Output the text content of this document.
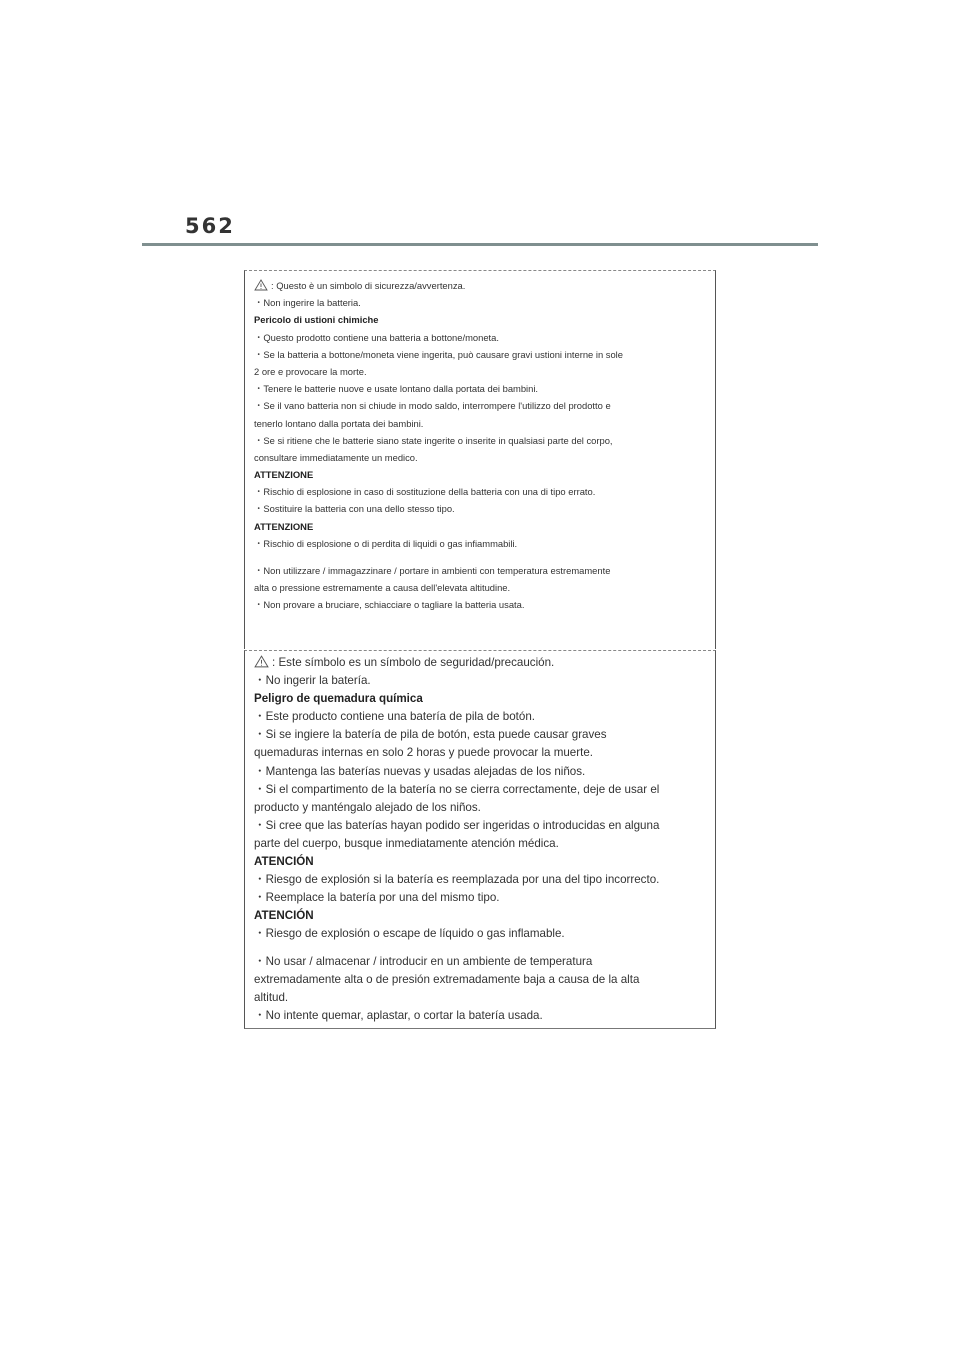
562
: Questo è un simbolo di sicurezza/avvertenza.
・Non ingerire la batteria.
Pericolo di ustioni chimiche
・Questo prodotto contiene una batteria a bottone/moneta.
・Se la batteria a bottone/moneta viene ingerita, può causare gravi ustioni interne in sole
2 ore e provocare la morte.
・Tenere le batterie nuove e usate lontano dalla portata dei bambini.
・Se il vano batteria non si chiude in modo saldo, interrompere l'utilizzo del prodotto e
tenerlo lontano dalla portata dei bambini.
・Se si ritiene che le batterie siano state ingerite o inserite in qualsiasi parte del corpo,
consultare immediatamente un medico.
ATTENZIONE
・Rischio di esplosione in caso di sostituzione della batteria con una di tipo errato.
・Sostituire la batteria con una dello stesso tipo.
ATTENZIONE
・Rischio di esplosione o di perdita di liquidi o gas infiammabili.
・Non utilizzare / immagazzinare / portare in ambienti con temperatura estremamente
alta o pressione estremamente a causa dell'elevata altitudine.
・Non provare a bruciare, schiacciare o tagliare la batteria usata.
: Este símbolo es un símbolo de seguridad/precaución.
・No ingerir la batería.
Peligro de quemadura química
・Este producto contiene una batería de pila de botón.
・Si se ingiere la batería de pila de botón, esta puede causar graves
quemaduras internas en solo 2 horas y puede provocar la muerte.
・Mantenga las baterías nuevas y usadas alejadas de los niños.
・Si el compartimento de la batería no se cierra correctamente, deje de usar el
producto y manténgalo alejado de los niños.
・Si cree que las baterías hayan podido ser ingeridas o introducidas en alguna
parte del cuerpo, busque inmediatamente atención médica.
ATENCIÓN
・Riesgo de explosión si la batería es reemplazada por una del tipo incorrecto.
・Reemplace la batería por una del mismo tipo.
ATENCIÓN
・Riesgo de explosión o escape de líquido o gas inflamable.
・No usar / almacenar / introducir en un ambiente de temperatura
extremadamente alta o de presión extremadamente baja a causa de la alta
altitud.
・No intente quemar, aplastar, o cortar la batería usada.
